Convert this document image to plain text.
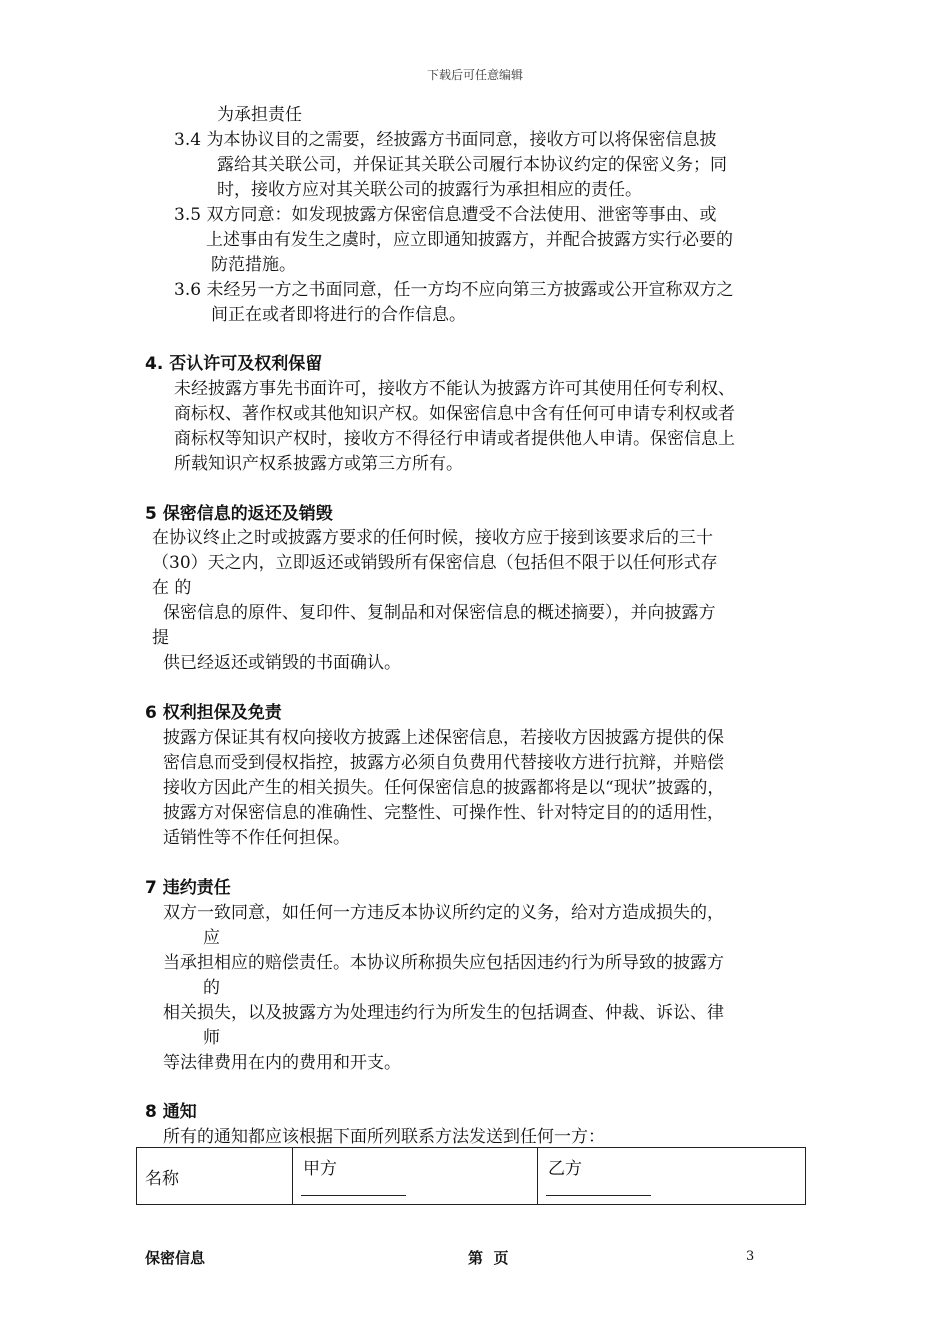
下载后可任意编辑
为承担责任
3.4 为本协议目的之需要，经披露方书面同意，接收方可以将保密信息披
露给其关联公司，并保证其关联公司履行本协议约定的保密义务；同
时，接收方应对其关联公司的披露行为承担相应的责任。
3.5 双方同意：如发现披露方保密信息遭受不合法使用、泄密等事由、或
上述事由有发生之虞时，应立即通知披露方，并配合披露方实行必要的
防范措施。
3.6 未经另一方之书面同意，任一方均不应向第三方披露或公开宣称双方之
间正在或者即将进行的合作信息。
4. 否认许可及权利保留
未经披露方事先书面许可，接收方不能认为披露方许可其使用任何专利权、
商标权、著作权或其他知识产权。如保密信息中含有任何可申请专利权或者
商标权等知识产权时，接收方不得径行申请或者提供他人申请。保密信息上
所载知识产权系披露方或第三方所有。
5 保密信息的返还及销毁
在协议终止之时或披露方要求的任何时候，接收方应于接到该要求后的三十
（30）天之内，立即返还或销毁所有保密信息（包括但不限于以任何形式存
在 的
保密信息的原件、复印件、复制品和对保密信息的概述摘要），并向披露方
提
供已经返还或销毁的书面确认。
6 权利担保及免责
披露方保证其有权向接收方披露上述保密信息，若接收方因披露方提供的保
密信息而受到侵权指控，披露方必须自负费用代替接收方进行抗辩，并赔偿
接收方因此产生的相关损失。任何保密信息的披露都将是以“现状”披露的，
披露方对保密信息的准确性、完整性、可操作性、针对特定目的的适用性，
适销性等不作任何担保。
7 违约责任
双方一致同意，如任何一方违反本协议所约定的义务，给对方造成损失的，
应
当承担相应的赔偿责任。本协议所称损失应包括因违约行为所导致的披露方
的
相关损失，以及披露方为处理违约行为所发生的包括调查、仲裁、诉讼、律
师
等法律费用在内的费用和开支。
8 通知
所有的通知都应该根据下面所列联系方法发送到任何一方：
名称	甲方	乙方
保密信息	第  页	3
